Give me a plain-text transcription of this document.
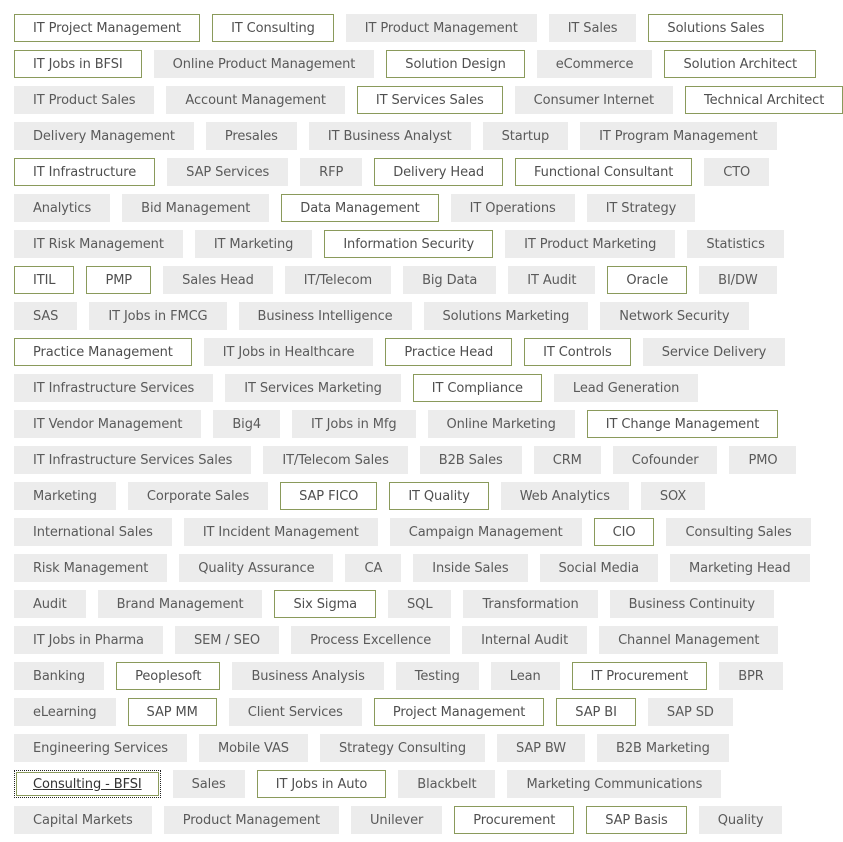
IT Project Management	IT Consulting	IT Product Management	IT Sales	Solutions Sales
IT Jobs in BFSI	Online Product Management	Solution Design	eCommerce	Solution Architect
IT Product Sales	Account Management	IT Services Sales	Consumer Internet	Technical Architect
Delivery Management	Presales	IT Business Analyst	Startup	IT Program Management
IT Infrastructure	SAP Services	RFP	Delivery Head	Functional Consultant	CTO
Analytics	Bid Management	Data Management	IT Operations	IT Strategy
IT Risk Management	IT Marketing	Information Security	IT Product Marketing	Statistics
ITIL	PMP	Sales Head	IT/Telecom	Big Data	IT Audit	Oracle	BI/DW
SAS	IT Jobs in FMCG	Business Intelligence	Solutions Marketing	Network Security
Practice Management	IT Jobs in Healthcare	Practice Head	IT Controls	Service Delivery
IT Infrastructure Services	IT Services Marketing	IT Compliance	Lead Generation
IT Vendor Management	Big4	IT Jobs in Mfg	Online Marketing	IT Change Management
IT Infrastructure Services Sales	IT/Telecom Sales	B2B Sales	CRM	Cofounder	PMO
Marketing	Corporate Sales	SAP FICO	IT Quality	Web Analytics	SOX
International Sales	IT Incident Management	Campaign Management	CIO	Consulting Sales
Risk Management	Quality Assurance	CA	Inside Sales	Social Media	Marketing Head
Audit	Brand Management	Six Sigma	SQL	Transformation	Business Continuity
IT Jobs in Pharma	SEM / SEO	Process Excellence	Internal Audit	Channel Management
Banking	Peoplesoft	Business Analysis	Testing	Lean	IT Procurement	BPR
eLearning	SAP MM	Client Services	Project Management	SAP BI	SAP SD
Engineering Services	Mobile VAS	Strategy Consulting	SAP BW	B2B Marketing
Consulting - BFSI	Sales	IT Jobs in Auto	Blackbelt	Marketing Communications
Capital Markets	Product Management	Unilever	Procurement	SAP Basis	Quality
